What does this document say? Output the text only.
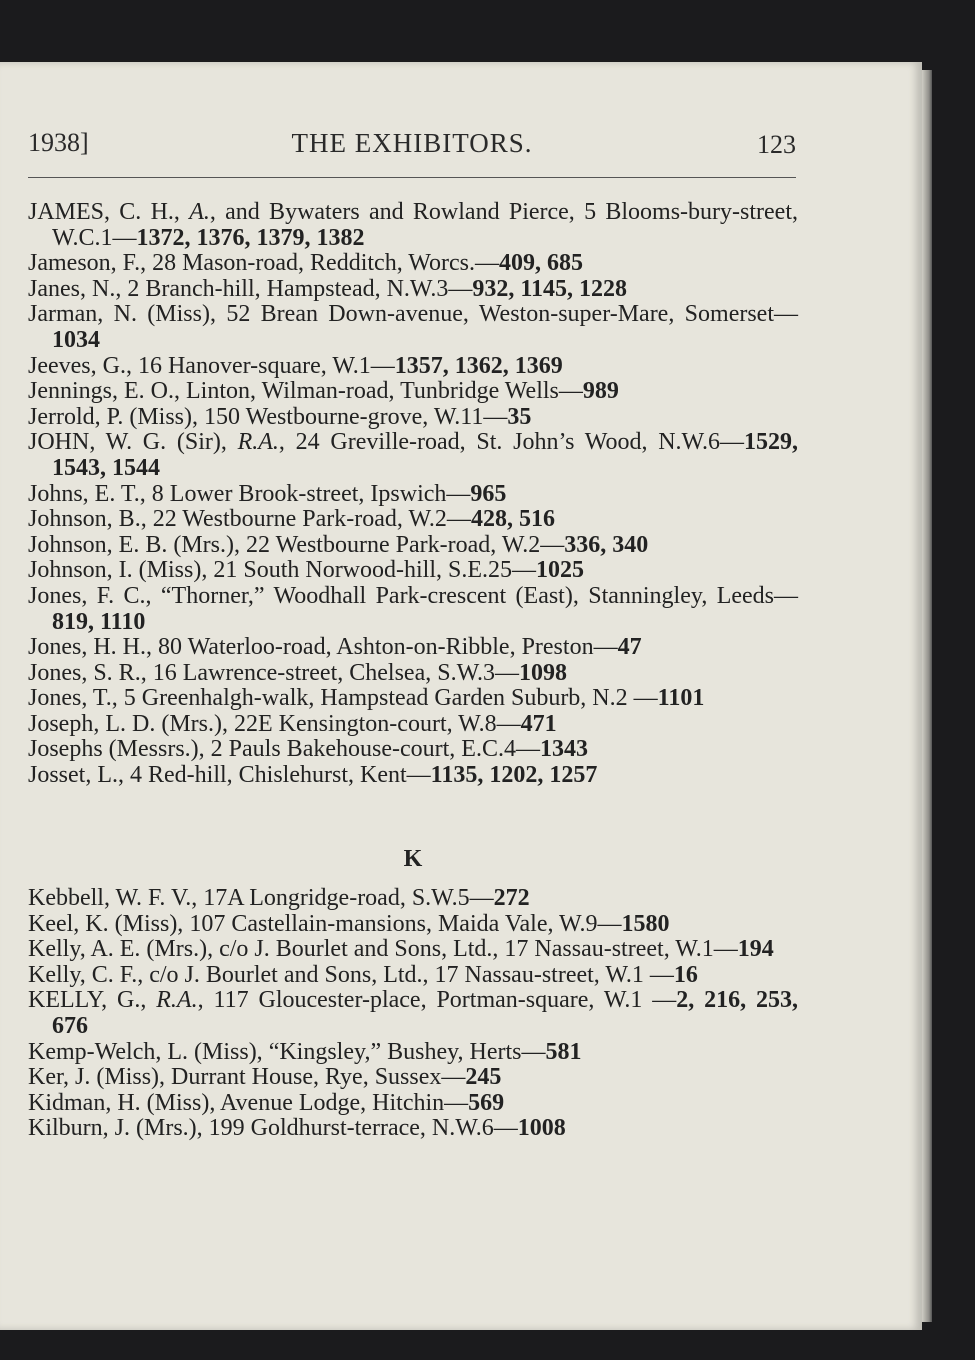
1938]	THE EXHIBITORS.	123

JAMES, C. H., A., and Bywaters and Rowland Pierce, 5 Blooms-bury-street, W.C.1—1372, 1376, 1379, 1382

Jameson, F., 28 Mason-road, Redditch, Worcs.—409, 685

Janes, N., 2 Branch-hill, Hampstead, N.W.3—932, 1145, 1228

Jarman, N. (Miss), 52 Brean Down-avenue, Weston-super-Mare, Somerset—1034

Jeeves, G., 16 Hanover-square, W.1—1357, 1362, 1369

Jennings, E. O., Linton, Wilman-road, Tunbridge Wells—989

Jerrold, P. (Miss), 150 Westbourne-grove, W.11—35

JOHN, W. G. (Sir), R.A., 24 Greville-road, St. John’s Wood, N.W.6—1529, 1543, 1544

Johns, E. T., 8 Lower Brook-street, Ipswich—965

Johnson, B., 22 Westbourne Park-road, W.2—428, 516

Johnson, E. B. (Mrs.), 22 Westbourne Park-road, W.2—336, 340

Johnson, I. (Miss), 21 South Norwood-hill, S.E.25—1025

Jones, F. C., “Thorner,” Woodhall Park-crescent (East), Stanningley, Leeds—819, 1110

Jones, H. H., 80 Waterloo-road, Ashton-on-Ribble, Preston—47

Jones, S. R., 16 Lawrence-street, Chelsea, S.W.3—1098

Jones, T., 5 Greenhalgh-walk, Hampstead Garden Suburb, N.2 —1101

Joseph, L. D. (Mrs.), 22E Kensington-court, W.8—471

Josephs (Messrs.), 2 Pauls Bakehouse-court, E.C.4—1343

Josset, L., 4 Red-hill, Chislehurst, Kent—1135, 1202, 1257

K

Kebbell, W. F. V., 17A Longridge-road, S.W.5—272

Keel, K. (Miss), 107 Castellain-mansions, Maida Vale, W.9—1580

Kelly, A. E. (Mrs.), c/o J. Bourlet and Sons, Ltd., 17 Nassau-street, W.1—194

Kelly, C. F., c/o J. Bourlet and Sons, Ltd., 17 Nassau-street, W.1 —16

KELLY, G., R.A., 117 Gloucester-place, Portman-square, W.1 —2, 216, 253, 676

Kemp-Welch, L. (Miss), “Kingsley,” Bushey, Herts—581

Ker, J. (Miss), Durrant House, Rye, Sussex—245

Kidman, H. (Miss), Avenue Lodge, Hitchin—569

Kilburn, J. (Mrs.), 199 Goldhurst-terrace, N.W.6—1008
